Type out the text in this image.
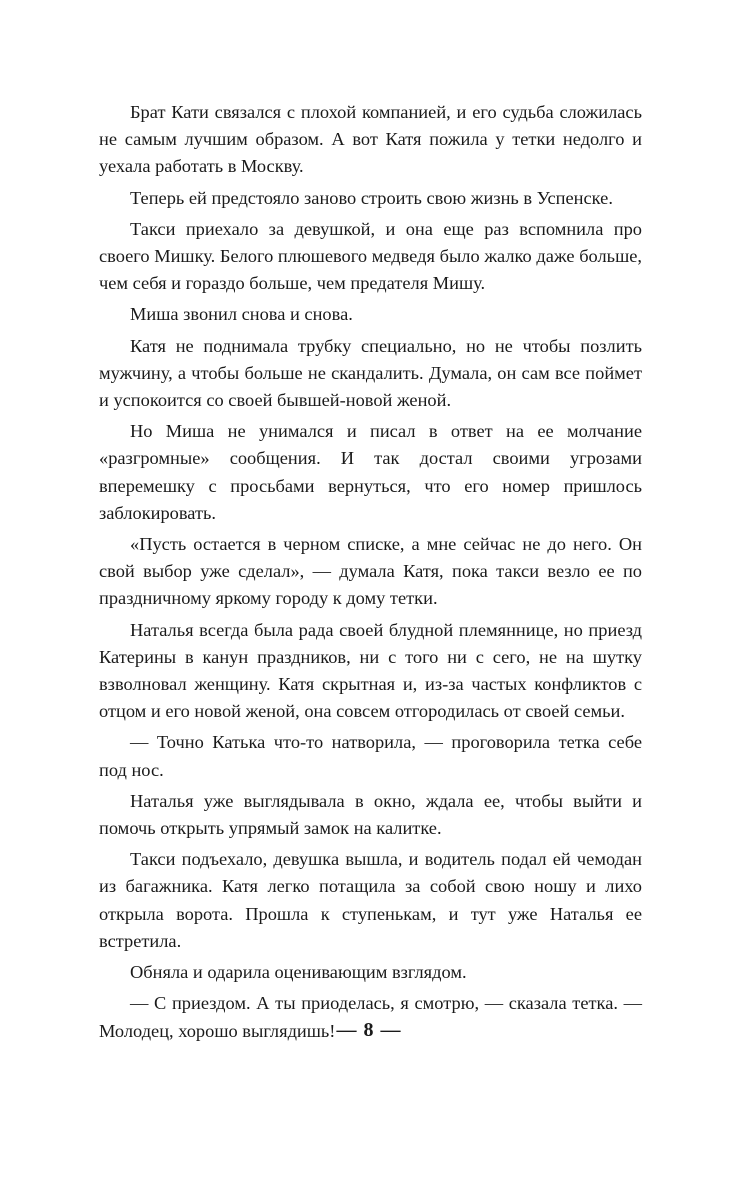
Брат Кати связался с плохой компанией, и его судьба сложилась не самым лучшим образом. А вот Катя пожила у тетки недолго и уехала работать в Москву.

Теперь ей предстояло заново строить свою жизнь в Успенске.

Такси приехало за девушкой, и она еще раз вспомнила про своего Мишку. Белого плюшевого медведя было жалко даже больше, чем себя и гораздо больше, чем предателя Мишу.

Миша звонил снова и снова.

Катя не поднимала трубку специально, но не чтобы позлить мужчину, а чтобы больше не скандалить. Думала, он сам все поймет и успокоится со своей бывшей-новой женой.

Но Миша не унимался и писал в ответ на ее молчание «разгромные» сообщения. И так достал своими угрозами вперемешку с просьбами вернуться, что его номер пришлось заблокировать.

«Пусть остается в черном списке, а мне сейчас не до него. Он свой выбор уже сделал», — думала Катя, пока такси везло ее по праздничному яркому городу к дому тетки.

Наталья всегда была рада своей блудной племяннице, но приезд Катерины в канун праздников, ни с того ни с сего, не на шутку взволновал женщину. Катя скрытная и, из-за частых конфликтов с отцом и его новой женой, она совсем отгородилась от своей семьи.

— Точно Катька что-то натворила, — проговорила тетка себе под нос.

Наталья уже выглядывала в окно, ждала ее, чтобы выйти и помочь открыть упрямый замок на калитке.

Такси подъехало, девушка вышла, и водитель подал ей чемодан из багажника. Катя легко потащила за собой свою ношу и лихо открыла ворота. Прошла к ступенькам, и тут уже Наталья ее встретила.

Обняла и одарила оценивающим взглядом.

— С приездом. А ты приоделась, я смотрю, — сказала тетка. —Молодец, хорошо выглядишь! — 8 —
